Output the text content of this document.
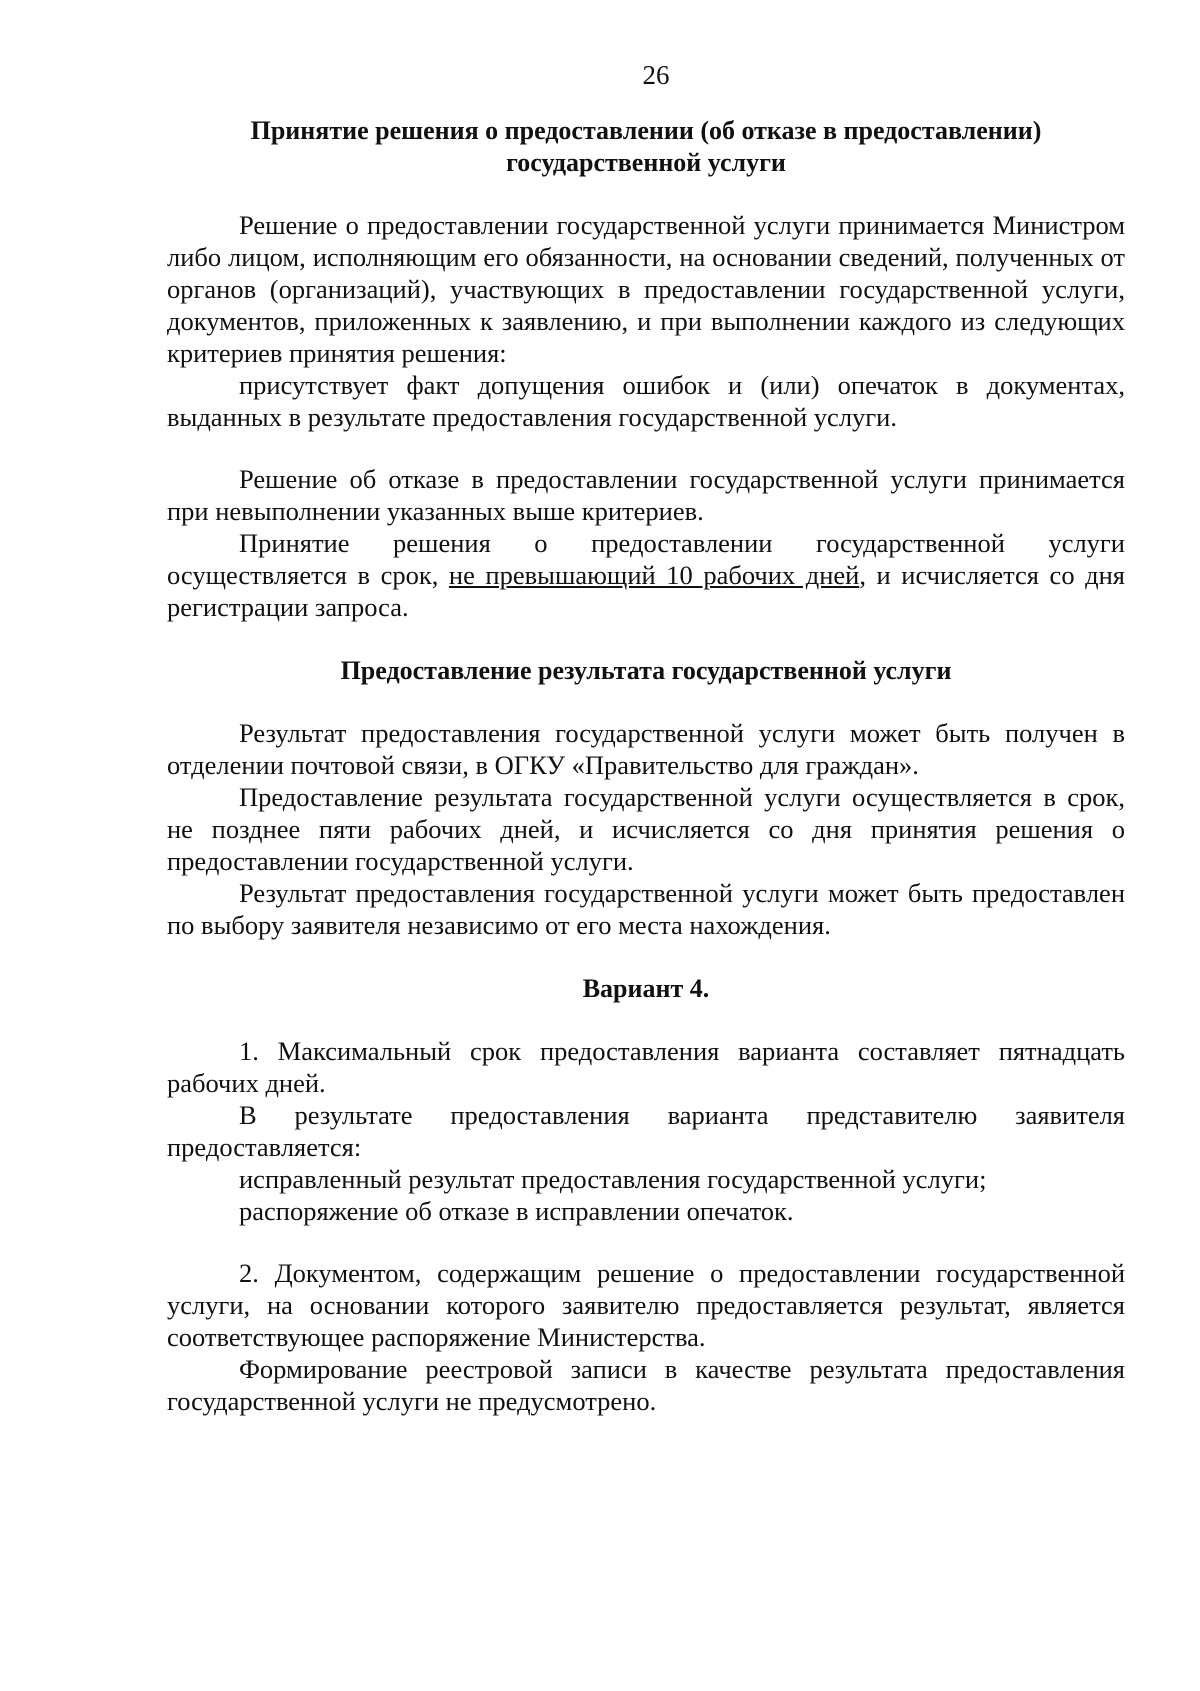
26
Принятие решения о предоставлении (об отказе в предоставлении)
государственной услуги

Решение о предоставлении государственной услуги принимается Министром либо лицом, исполняющим его обязанности, на основании сведений, полученных от органов (организаций), участвующих в предоставлении государственной услуги, документов, приложенных к заявлению, и при выполнении каждого из следующих критериев принятия решения:

присутствует факт допущения ошибок и (или) опечаток в документах, выданных в результате предоставления государственной услуги.

Решение об отказе в предоставлении государственной услуги принимается при невыполнении указанных выше критериев.

Принятие решения о предоставлении государственной услуги осуществляется в срок, не превышающий 10 рабочих дней, и исчисляется со дня регистрации запроса.

Предоставление результата государственной услуги

Результат предоставления государственной услуги может быть получен в отделении почтовой связи, в ОГКУ «Правительство для граждан».

Предоставление результата государственной услуги осуществляется в срок, не позднее пяти рабочих дней, и исчисляется со дня принятия решения о предоставлении государственной услуги.

Результат предоставления государственной услуги может быть предоставлен по выбору заявителя независимо от его места нахождения.

Вариант 4.

1. Максимальный срок предоставления варианта составляет пятнадцать рабочих дней.

В результате предоставления варианта представителю заявителя предоставляется:

исправленный результат предоставления государственной услуги;

распоряжение об отказе в исправлении опечаток.

2. Документом, содержащим решение о предоставлении государственной услуги, на основании которого заявителю предоставляется результат, является соответствующее распоряжение Министерства.

Формирование реестровой записи в качестве результата предоставления государственной услуги не предусмотрено.
